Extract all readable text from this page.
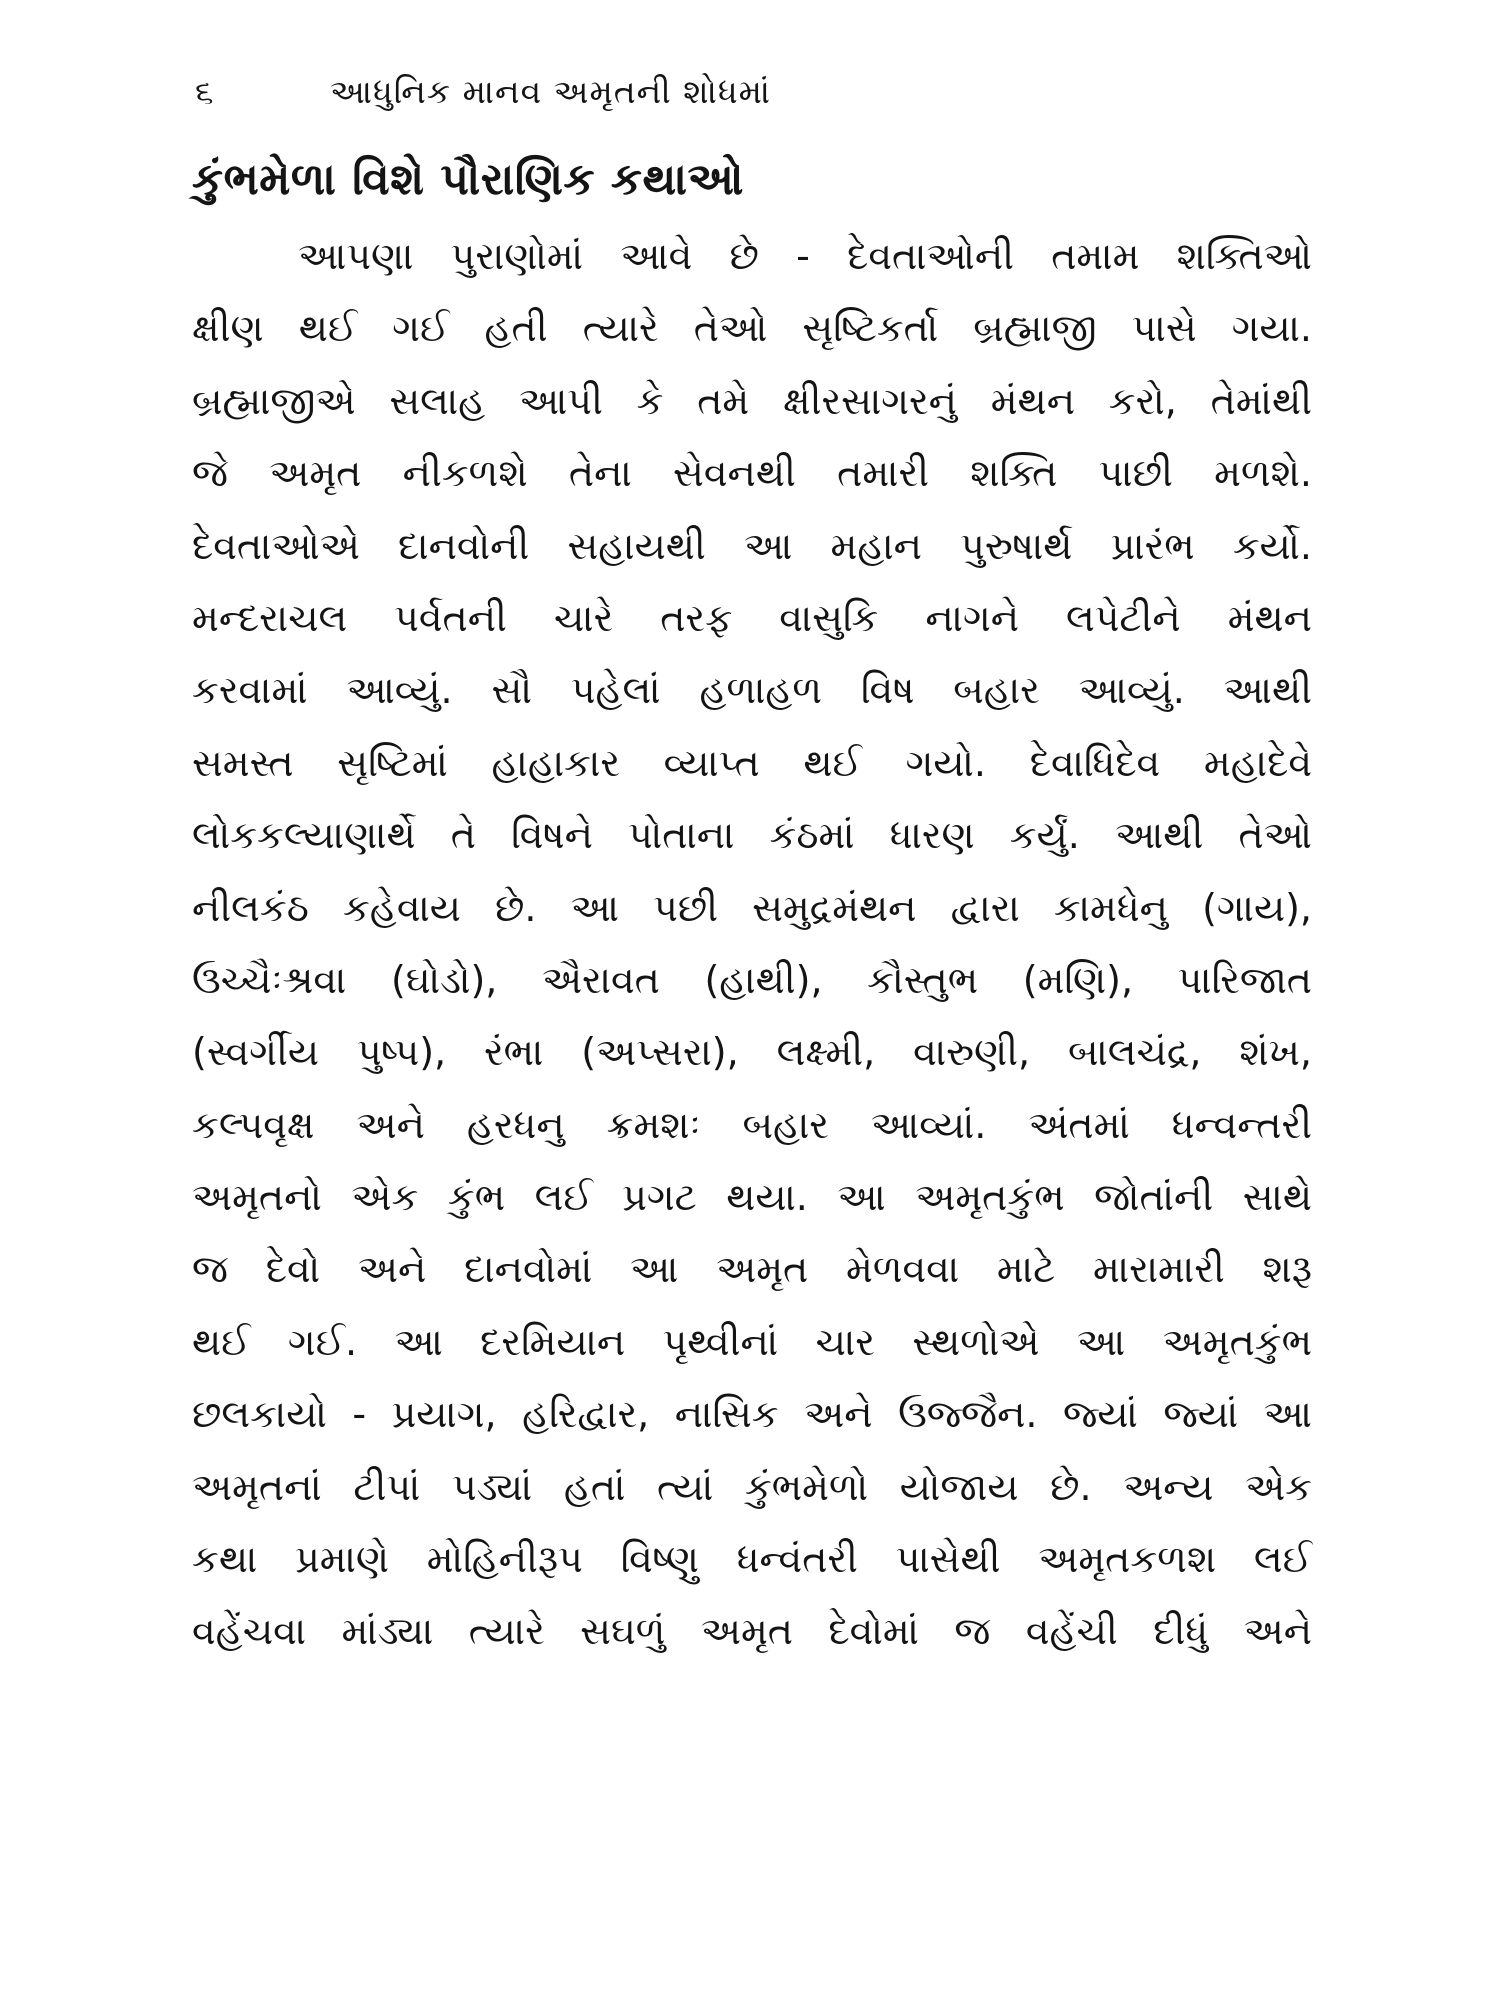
૬	આધુનિક માનવ અમૃતની શોધમાં
કુંભમેળા વિશે પૌરાણિક કથાઓ
આપણા પુરાણોમાં આવે છે - દેવતાઓની તમામ શક્તિઓ
ક્ષીણ થઈ ગઈ હતી ત્યારે તેઓ સૃષ્ટિકર્તા બ્રહ્માજી પાસે ગયા.
બ્રહ્માજીએ સલાહ આપી કે તમે ક્ષીરસાગરનું મંથન કરો, તેમાંથી
જે અમૃત નીકળશે તેના સેવનથી તમારી શક્તિ પાછી મળશે.
દેવતાઓએ દાનવોની સહાયથી આ મહાન પુરુષાર્થ પ્રારંભ કર્યો.
મન્દરાચલ પર્વતની ચારે તરફ વાસુકિ નાગને લપેટીને મંથન
કરવામાં આવ્યું. સૌ પહેલાં હળાહળ વિષ બહાર આવ્યું. આથી
સમસ્ત સૃષ્ટિમાં હાહાકાર વ્યાપ્ત થઈ ગયો. દેવાધિદેવ મહાદેવે
લોકકલ્યાણાર્થે તે વિષને પોતાના કંઠમાં ધારણ કર્યું. આથી તેઓ
નીલકંઠ કહેવાય છે. આ પછી સમુદ્રમંથન દ્વારા કામધેનુ (ગાય),
ઉચ્ચૈઃશ્રવા (ઘોડો), ઐરાવત (હાથી), કૌસ્તુભ (મણિ), પારિજાત
(સ્વર્ગીય પુષ્પ), રંભા (અપ્સરા), લક્ષ્મી, વારુણી, બાલચંદ્ર, શંખ,
કલ્પવૃક્ષ અને હરધનુ ક્રમશઃ બહાર આવ્યાં. અંતમાં ધન્વન્તરી
અમૃતનો એક કુંભ લઈ પ્રગટ થયા. આ અમૃતકુંભ જોતાંની સાથે
જ દેવો અને દાનવોમાં આ અમૃત મેળવવા માટે મારામારી શરૂ
થઈ ગઈ. આ દરમિયાન પૃથ્વીનાં ચાર સ્થળોએ આ અમૃતકુંભ
છલકાયો - પ્રયાગ, હરિદ્વાર, નાસિક અને ઉજ્જૈન. જ્યાં જ્યાં આ
અમૃતનાં ટીપાં પડ્યાં હતાં ત્યાં કુંભમેળો યોજાય છે. અન્ય એક
કથા પ્રમાણે મોહિનીરૂપ વિષ્ણુ ધન્વંતરી પાસેથી અમૃતકળશ લઈ
વહેંચવા માંડ્યા ત્યારે સઘળું અમૃત દેવોમાં જ વહેંચી દીધું અને
